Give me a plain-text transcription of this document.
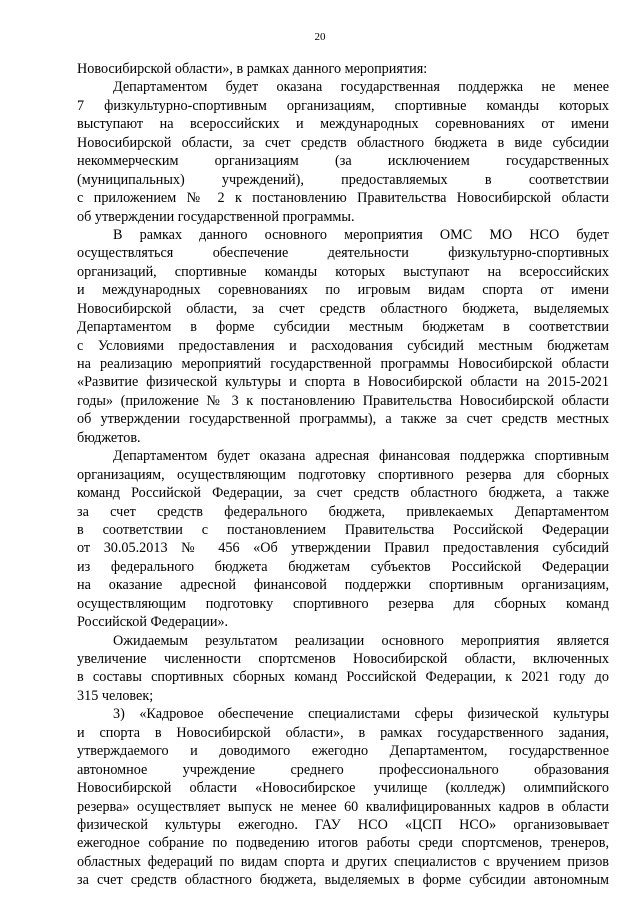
20
Новосибирской области», в рамках данного мероприятия:
Департаментом будет оказана государственная поддержка не менее
7 физкультурно-спортивным организациям, спортивные команды которых
выступают на всероссийских и международных соревнованиях от имени
Новосибирской области, за счет средств областного бюджета в виде субсидии
некоммерческим организациям (за исключением государственных
(муниципальных) учреждений), предоставляемых в соответствии
с приложением № 2 к постановлению Правительства Новосибирской области
об утверждении государственной программы.
В рамках данного основного мероприятия ОМС МО НСО будет
осуществляться обеспечение деятельности физкультурно-спортивных
организаций, спортивные команды которых выступают на всероссийских
и международных соревнованиях по игровым видам спорта от имени
Новосибирской области, за счет средств областного бюджета, выделяемых
Департаментом в форме субсидии местным бюджетам в соответствии
с Условиями предоставления и расходования субсидий местным бюджетам
на реализацию мероприятий государственной программы Новосибирской области
«Развитие физической культуры и спорта в Новосибирской области на 2015-2021
годы» (приложение № 3 к постановлению Правительства Новосибирской области
об утверждении государственной программы), а также за счет средств местных
бюджетов.
Департаментом будет оказана адресная финансовая поддержка спортивным
организациям, осуществляющим подготовку спортивного резерва для сборных
команд Российской Федерации, за счет средств областного бюджета, а также
за счет средств федерального бюджета, привлекаемых Департаментом
в соответствии с постановлением Правительства Российской Федерации
от 30.05.2013 № 456 «Об утверждении Правил предоставления субсидий
из федерального бюджета бюджетам субъектов Российской Федерации
на оказание адресной финансовой поддержки спортивным организациям,
осуществляющим подготовку спортивного резерва для сборных команд
Российской Федерации».
Ожидаемым результатом реализации основного мероприятия является
увеличение численности спортсменов Новосибирской области, включенных
в составы спортивных сборных команд Российской Федерации, к 2021 году до
315 человек;
3) «Кадровое обеспечение специалистами сферы физической культуры
и спорта в Новосибирской области», в рамках государственного задания,
утверждаемого и доводимого ежегодно Департаментом, государственное
автономное учреждение среднего профессионального образования
Новосибирской области «Новосибирское училище (колледж) олимпийского
резерва» осуществляет выпуск не менее 60 квалифицированных кадров в области
физической культуры ежегодно. ГАУ НСО «ЦСП НСО» организовывает
ежегодное собрание по подведению итогов работы среди спортсменов, тренеров,
областных федераций по видам спорта и других специалистов с вручением призов
за счет средств областного бюджета, выделяемых в форме субсидии автономным
